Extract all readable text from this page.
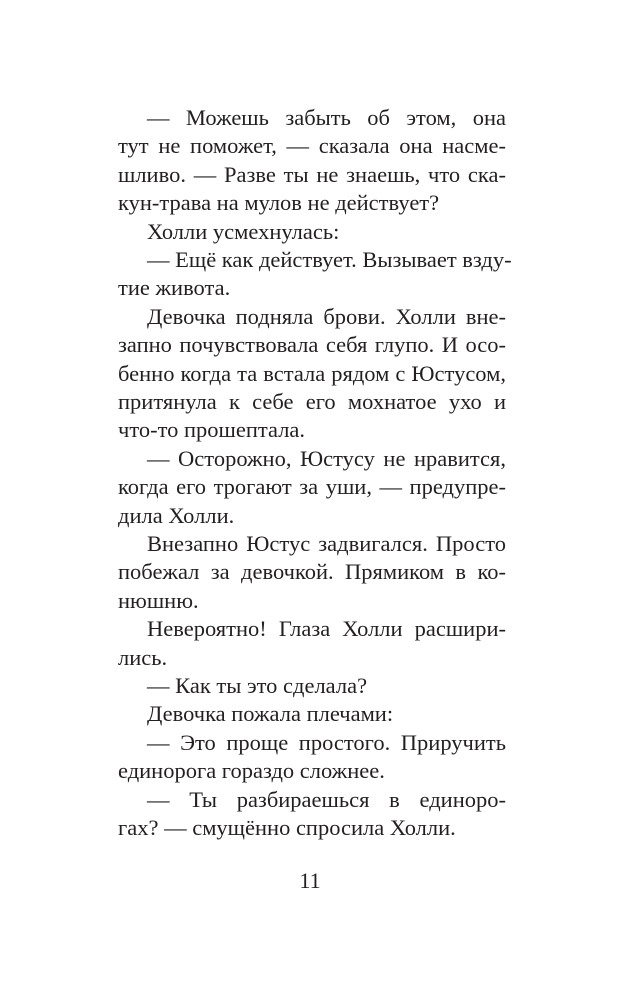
— Можешь забыть об этом, она
тут не поможет, — сказала она насме-
шливо. — Разве ты не знаешь, что ска-
кун-трава на мулов не действует?
Холли усмехнулась:
— Ещё как действует. Вызывает взду-
тие живота.
Девочка подняла брови. Холли вне-
запно почувствовала себя глупо. И осо-
бенно когда та встала рядом с Юстусом,
притянула к себе его мохнатое ухо и
что-то прошептала.
— Осторожно, Юстусу не нравится,
когда его трогают за уши, — предупре-
дила Холли.
Внезапно Юстус задвигался. Просто
побежал за девочкой. Прямиком в ко-
нюшню.
Невероятно! Глаза Холли расшири-
лись.
— Как ты это сделала?
Девочка пожала плечами:
— Это проще простого. Приручить
единорога гораздо сложнее.
— Ты разбираешься в единоро-
гах? — смущённо спросила Холли.
11
